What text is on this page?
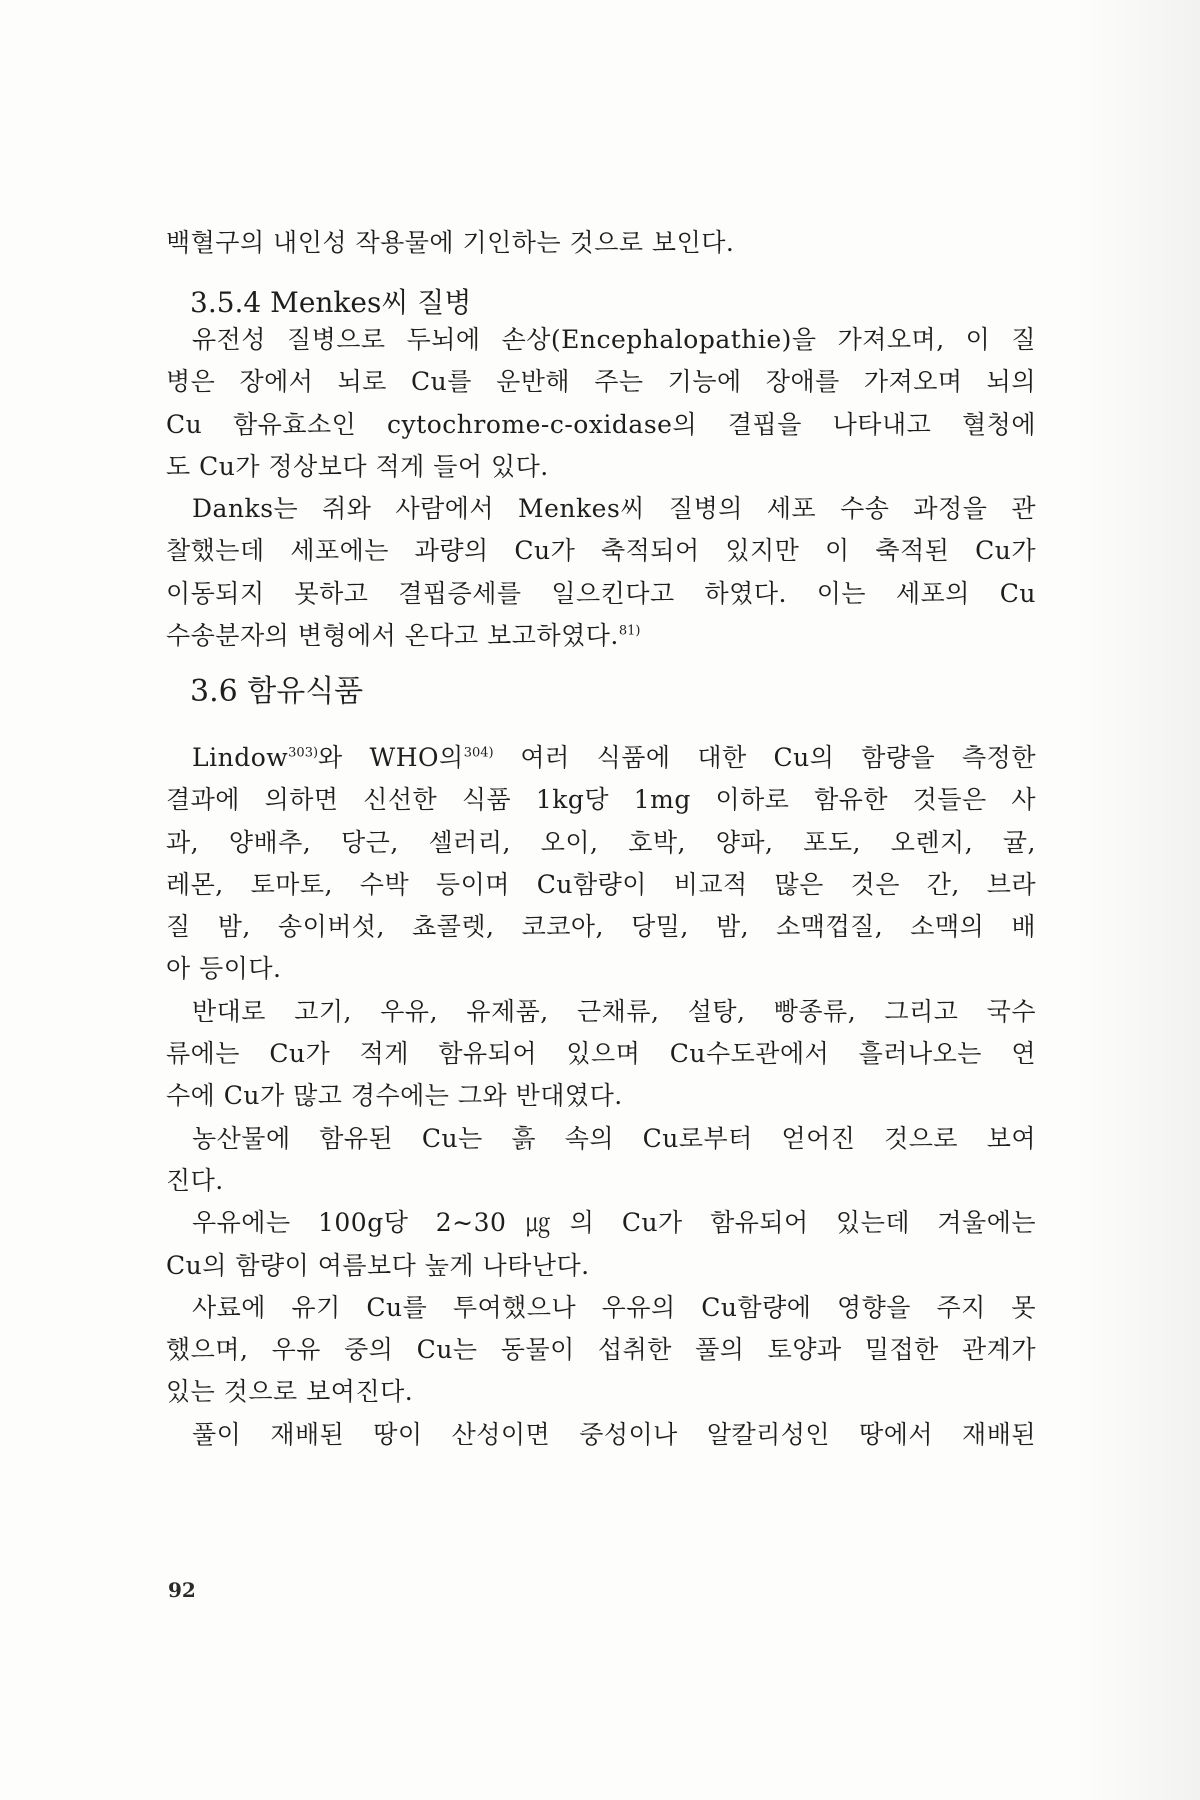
백혈구의 내인성 작용물에 기인하는 것으로 보인다.

3.5.4 Menkes씨 질병

유전성 질병으로 두뇌에 손상(Encephalopathie)을 가져오며, 이 질

병은 장에서 뇌로 Cu를 운반해 주는 기능에 장애를 가져오며 뇌의

Cu 함유효소인 cytochrome-c-oxidase의 결핍을 나타내고 혈청에

도 Cu가 정상보다 적게 들어 있다.

Danks는 쥐와 사람에서 Menkes씨 질병의 세포 수송 과정을 관

찰했는데 세포에는 과량의 Cu가 축적되어 있지만 이 축적된 Cu가

이동되지 못하고 결핍증세를 일으킨다고 하였다. 이는 세포의 Cu

수송분자의 변형에서 온다고 보고하였다.$^{81)}$

3.6 함유식품

Lindow$^{303)}$와 WHO의$^{304)}$ 여러 식품에 대한 Cu의 함량을 측정한

결과에 의하면 신선한 식품 1kg당 1mg 이하로 함유한 것들은 사

과, 양배추, 당근, 셀러리, 오이, 호박, 양파, 포도, 오렌지, 귤,

레몬, 토마토, 수박 등이며 Cu함량이 비교적 많은 것은 간, 브라

질 밤, 송이버섯, 쵸콜렛, 코코아, 당밀, 밤, 소맥껍질, 소맥의 배

아 등이다.

반대로 고기, 우유, 유제품, 근채류, 설탕, 빵종류, 그리고 국수

류에는 Cu가 적게 함유되어 있으며 Cu수도관에서 흘러나오는 연

수에 Cu가 많고 경수에는 그와 반대였다.

농산물에 함유된 Cu는 흙 속의 Cu로부터 얻어진 것으로 보여

진다.

우유에는 100g당 2∼30㎍의 Cu가 함유되어 있는데 겨울에는

Cu의 함량이 여름보다 높게 나타난다.

사료에 유기 Cu를 투여했으나 우유의 Cu함량에 영향을 주지 못

했으며, 우유 중의 Cu는 동물이 섭취한 풀의 토양과 밀접한 관계가

있는 것으로 보여진다.

풀이 재배된 땅이 산성이면 중성이나 알칼리성인 땅에서 재배된

92
